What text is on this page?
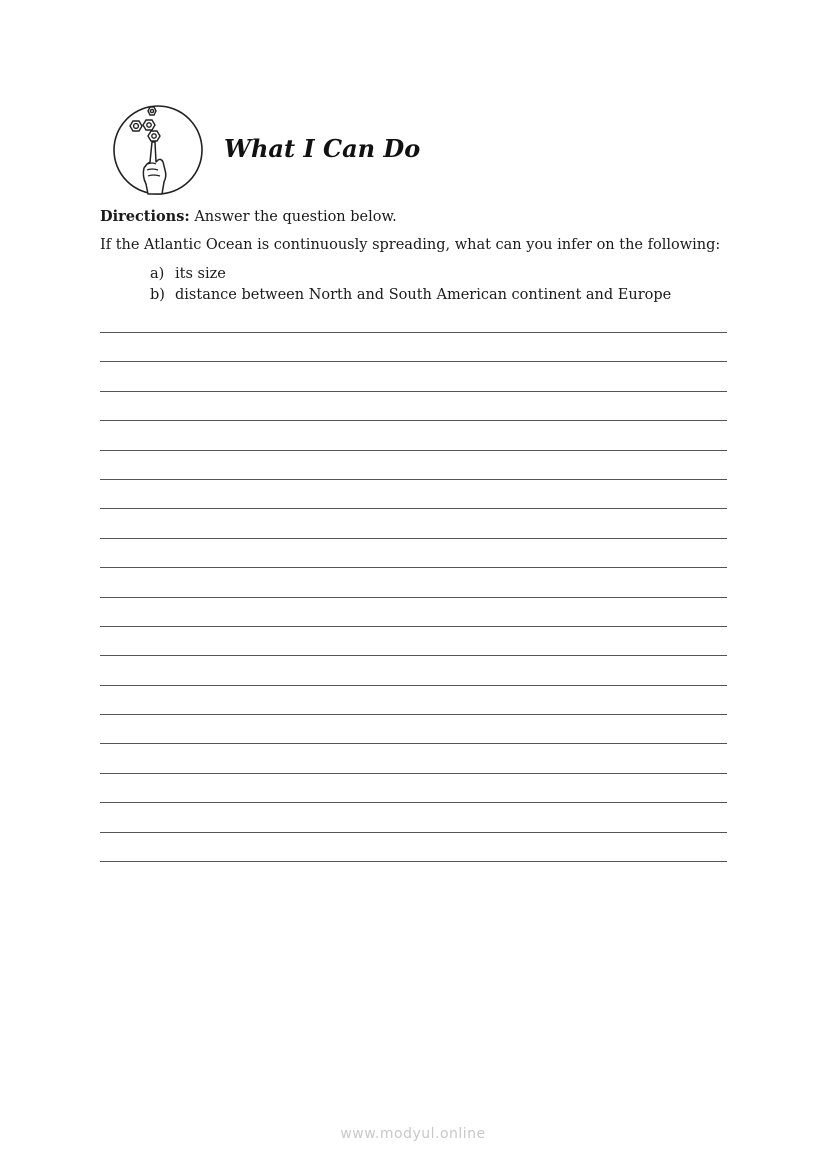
What I Can Do
Directions: Answer the question below.
If the Atlantic Ocean is continuously spreading, what can you infer on the following:
a) its size
b) distance between North and South American continent and Europe
www.modyul.online
